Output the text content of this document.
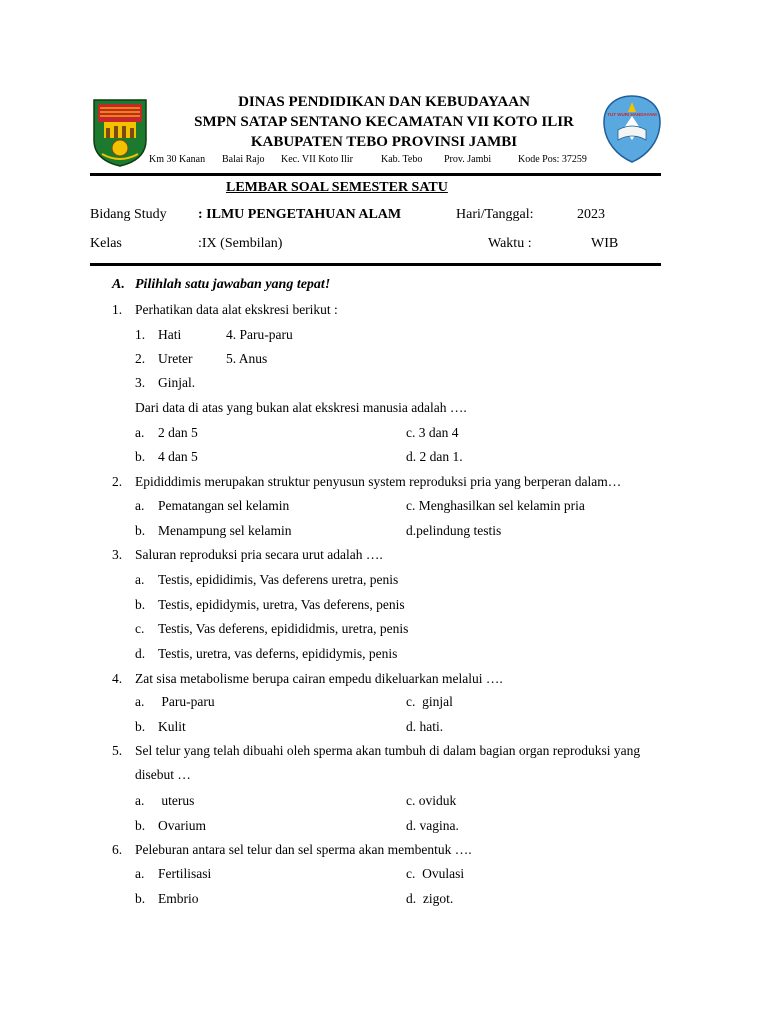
TUT WURI HANDAYANI
DINAS PENDIDIKAN DAN KEBUDAYAAN
SMPN SATAP SENTANO KECAMATAN VII KOTO ILIR
KABUPATEN TEBO PROVINSI JAMBI
Km 30 Kanan Balai Rajo Kec. VII Koto Ilir	Kab. Tebo Prov. Jambi	Kode Pos: 37259
LEMBAR SOAL SEMESTER SATU
Bidang Study : ILMU PENGETAHUAN ALAM	Hari/Tanggal:	2023
Kelas	:IX (Sembilan)	Waktu :	WIB
A. Pilihlah satu jawaban yang tepat!
1. Perhatikan data alat ekskresi berikut :
1. Hati	4. Paru-paru
2. Ureter 5. Anus
3. Ginjal.
Dari data di atas yang bukan alat ekskresi manusia adalah ….
a. 2 dan 5	c. 3 dan 4
b. 4 dan 5	d. 2 dan 1.
2. Epididdimis merupakan struktur penyusun system reproduksi pria yang berperan dalam…
a. Pematangan sel kelamin	c. Menghasilkan sel kelamin pria
b. Menampung sel kelamin	d.pelindung testis
3. Saluran reproduksi pria secara urut adalah ….
a. Testis, epididimis, Vas deferens uretra, penis
b. Testis, epididymis, uretra, Vas deferens, penis
c. Testis, Vas deferens, epidididmis, uretra, penis
d. Testis, uretra, vas deferns, epididymis, penis
4. Zat sisa metabolisme berupa cairan empedu dikeluarkan melalui ….
a. Paru-paru	c.  ginjal
b. Kulit	d. hati.
5. Sel telur yang telah dibuahi oleh sperma akan tumbuh di dalam bagian organ reproduksi yang
disebut …
a. uterus	c. oviduk
b. Ovarium	d. vagina.
6. Peleburan antara sel telur dan sel sperma akan membentuk ….
a. Fertilisasi	c.  Ovulasi
b. Embrio	d.  zigot.
